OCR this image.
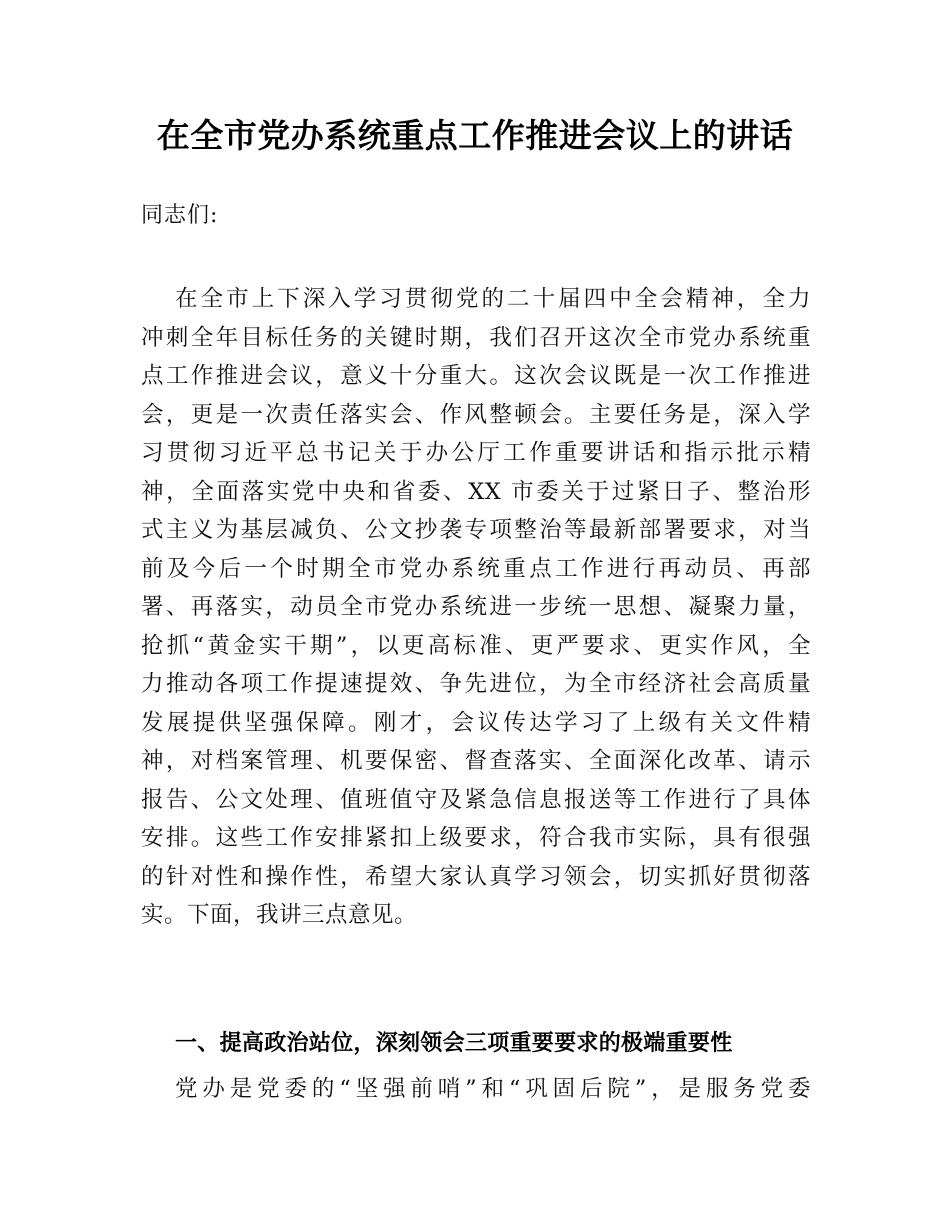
在全市党办系统重点工作推进会议上的讲话
同志们:
在全市上下深入学习贯彻党的二十届四中全会精神，全力
冲刺全年目标任务的关键时期，我们召开这次全市党办系统重
点工作推进会议，意义十分重大。这次会议既是一次工作推进
会，更是一次责任落实会、作风整顿会。主要任务是，深入学
习贯彻习近平总书记关于办公厅工作重要讲话和指示批示精
神，全面落实党中央和省委、XX 市委关于过紧日子、整治形
式主义为基层减负、公文抄袭专项整治等最新部署要求，对当
前及今后一个时期全市党办系统重点工作进行再动员、再部
署、再落实，动员全市党办系统进一步统一思想、凝聚力量，
抢抓“黄金实干期”，以更高标准、更严要求、更实作风，全
力推动各项工作提速提效、争先进位，为全市经济社会高质量
发展提供坚强保障。刚才，会议传达学习了上级有关文件精
神，对档案管理、机要保密、督查落实、全面深化改革、请示
报告、公文处理、值班值守及紧急信息报送等工作进行了具体
安排。这些工作安排紧扣上级要求，符合我市实际，具有很强
的针对性和操作性，希望大家认真学习领会，切实抓好贯彻落
实。下面，我讲三点意见。
一、提高政治站位，深刻领会三项重要要求的极端重要性
党办是党委的“坚强前哨”和“巩固后院”，是服务党委
